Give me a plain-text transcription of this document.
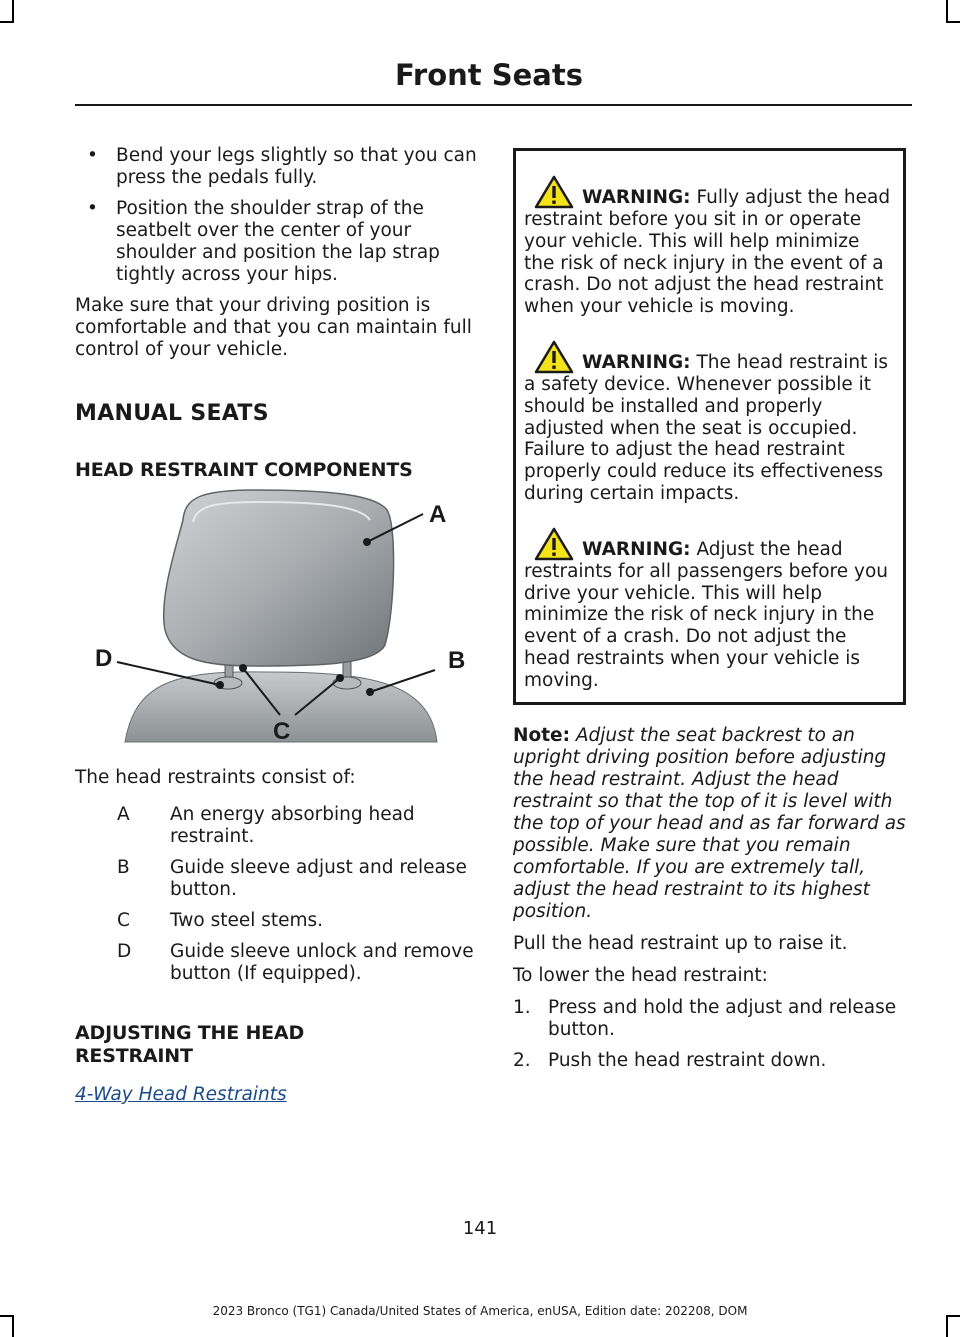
Front Seats
• Bend your legs slightly so that you can press the pedals fully.
• Position the shoulder strap of the seatbelt over the center of your shoulder and position the lap strap tightly across your hips.

Make sure that your driving position is comfortable and that you can maintain full control of your vehicle.

MANUAL SEATS
HEAD RESTRAINT COMPONENTS
A
B
C
D
The head restraints consist of:
A An energy absorbing head restraint.
B Guide sleeve adjust and release button.
C Two steel stems.
D Guide sleeve unlock and remove button (If equipped).
ADJUSTING THE HEAD RESTRAINT
4-Way Head Restraints

WARNING: Fully adjust the head restraint before you sit in or operate your vehicle. This will help minimize the risk of neck injury in the event of a crash. Do not adjust the head restraint when your vehicle is moving.

WARNING: The head restraint is a safety device. Whenever possible it should be installed and properly adjusted when the seat is occupied. Failure to adjust the head restraint properly could reduce its effectiveness during certain impacts.

WARNING: Adjust the head restraints for all passengers before you drive your vehicle. This will help minimize the risk of neck injury in the event of a crash. Do not adjust the head restraints when your vehicle is moving.

Note: Adjust the seat backrest to an upright driving position before adjusting the head restraint. Adjust the head restraint so that the top of it is level with the top of your head and as far forward as possible. Make sure that you remain comfortable. If you are extremely tall, adjust the head restraint to its highest position.

Pull the head restraint up to raise it.

To lower the head restraint:

1. Press and hold the adjust and release button.
2. Push the head restraint down.
141
2023 Bronco (TG1) Canada/United States of America, enUSA, Edition date: 202208, DOM
